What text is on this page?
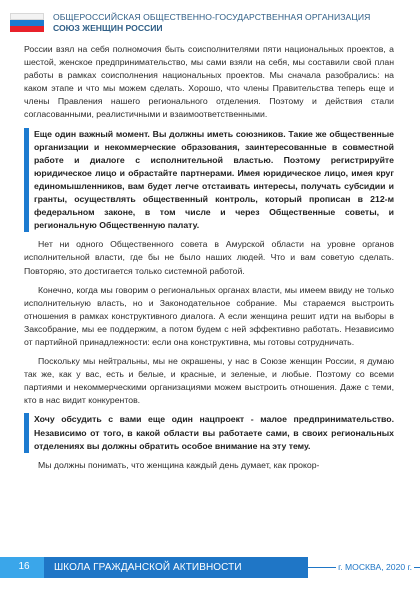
ОБЩЕРОССИЙСКАЯ ОБЩЕСТВЕННО-ГОСУДАРСТВЕННАЯ ОРГАНИЗАЦИЯ
СОЮЗ ЖЕНЩИН РОССИИ

России взял на себя полномочия быть соисполнителями пяти национальных проектов, а шестой, женское предпринимательство, мы сами взяли на себя, мы составили свой план работы в рамках соисполнения национальных проектов. Мы сначала разобрались: на каком этапе и что мы можем сделать. Хорошо, что члены Правительства теперь еще и члены Правления нашего регионального отделения. Поэтому и действия стали согласованными, реалистичными и взаимоответственными.

Еще один важный момент. Вы должны иметь союзников. Такие же общественные организации и некоммерческие образования, заинтересованные в совместной работе и диалоге с исполнительной властью. Поэтому регистрируйте юридическое лицо и обрастайте партнерами. Имея юридическое лицо, имея круг единомышленников, вам будет легче отстаивать интересы, получать субсидии и гранты, осуществлять общественный контроль, который прописан в 212-м федеральном законе, в том числе и через Общественные советы, и региональную Общественную палату.

Нет ни одного Общественного совета в Амурской области на уровне органов исполнительной власти, где бы не было наших людей. Что и вам советую сделать. Повторяю, это достигается только системной работой.

Конечно, когда мы говорим о региональных органах власти, мы имеем ввиду не только исполнительную власть, но и Законодательное собрание. Мы стараемся выстроить отношения в рамках конструктивного диалога. А если женщина решит идти на выборы в Заксобрание, мы ее поддержим, а потом будем с ней эффективно работать. Независимо от партийной принадлежности: если она конструктивна, мы готовы сотрудничать.

Поскольку мы нейтральны, мы не окрашены, у нас в Союзе женщин России, я думаю так же, как у вас, есть и белые, и красные, и зеленые, и любые. Поэтому со всеми партиями и некоммерческими организациями можем выстроить отношения. Даже с теми, кто в нас видит конкурентов.

Хочу обсудить с вами еще один нацпроект - малое предпринимательство. Независимо от того, в какой области вы работаете сами, в своих региональных отделениях вы должны обратить особое внимание на эту тему.

Мы должны понимать, что женщина каждый день думает, как прокор-

16	ШКОЛА ГРАЖДАНСКОЙ АКТИВНОСТИ	г. МОСКВА, 2020 г.
